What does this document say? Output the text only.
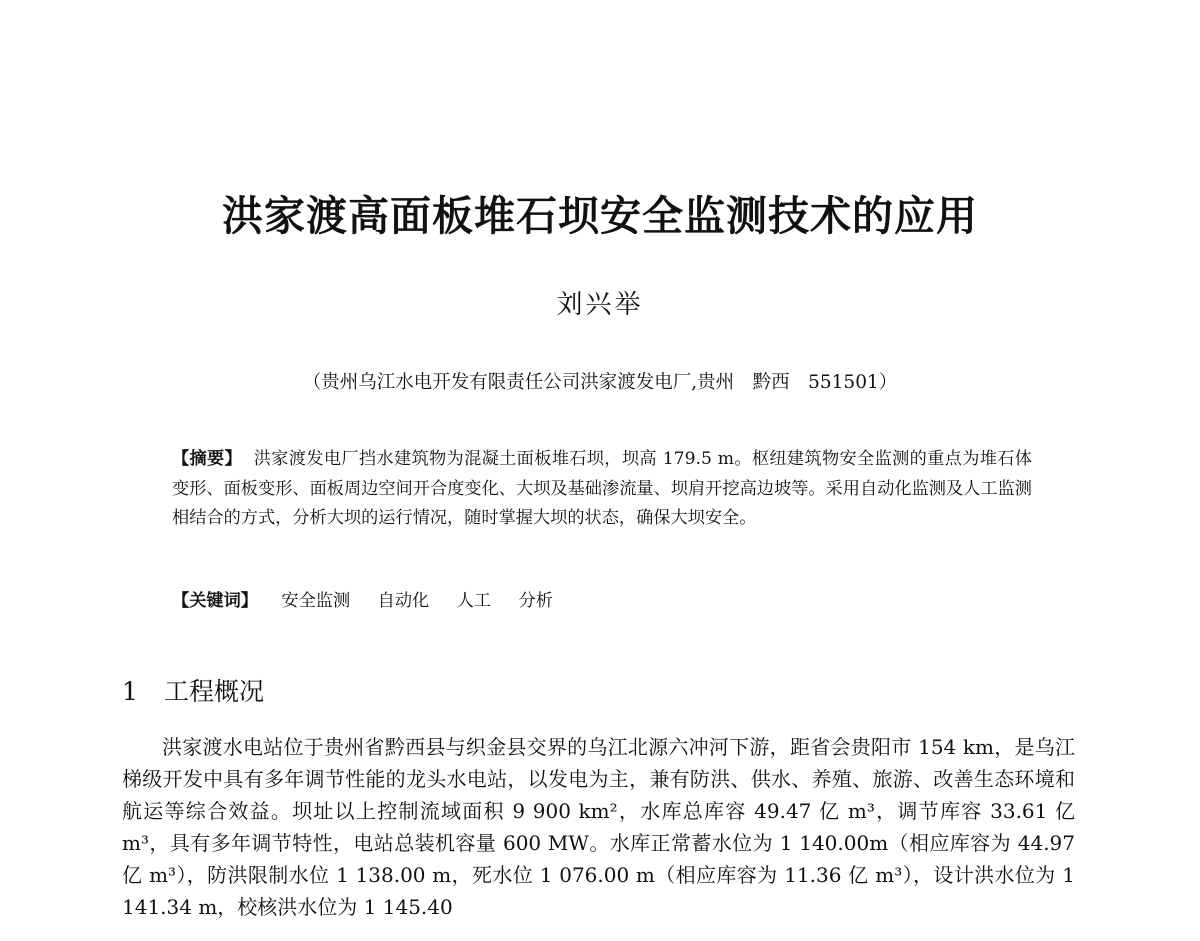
洪家渡高面板堆石坝安全监测技术的应用
刘兴举
（贵州乌江水电开发有限责任公司洪家渡发电厂,贵州　黔西　551501）
【摘要】 洪家渡发电厂挡水建筑物为混凝土面板堆石坝，坝高 179.5 m。枢纽建筑物安全监测的重点为堆石体变形、面板变形、面板周边空间开合度变化、大坝及基础渗流量、坝肩开挖高边坡等。采用自动化监测及人工监测相结合的方式，分析大坝的运行情况，随时掌握大坝的状态，确保大坝安全。
【关键词】 安全监测 自动化 人工 分析
1 工程概况
洪家渡水电站位于贵州省黔西县与织金县交界的乌江北源六冲河下游，距省会贵阳市 154 km，是乌江梯级开发中具有多年调节性能的龙头水电站，以发电为主，兼有防洪、供水、养殖、旅游、改善生态环境和航运等综合效益。坝址以上控制流域面积 9 900 km²，水库总库容 49.47 亿 m³，调节库容 33.61 亿 m³，具有多年调节特性，电站总装机容量 600 MW。水库正常蓄水位为 1 140.00m（相应库容为 44.97 亿 m³），防洪限制水位 1 138.00 m，死水位 1 076.00 m（相应库容为 11.36 亿 m³），设计洪水位为 1 141.34 m，校核洪水位为 1 145.40
